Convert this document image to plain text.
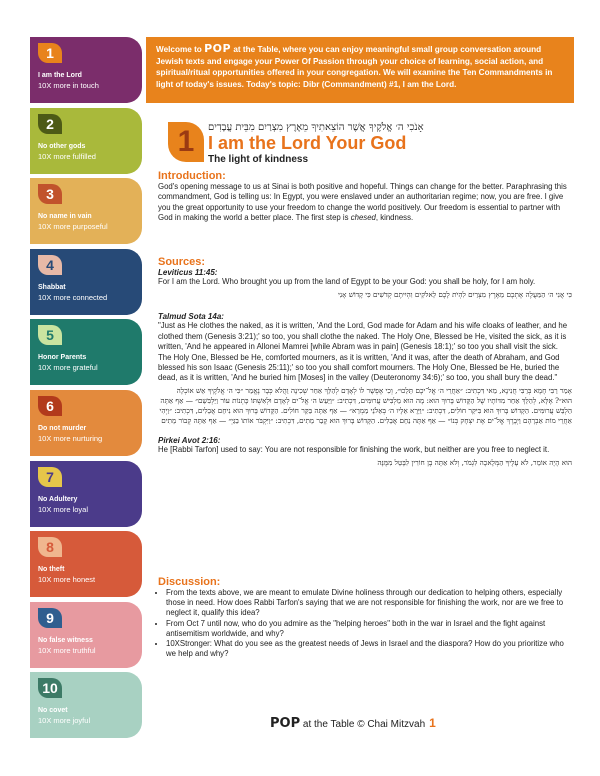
1
I am the Lord
10X more in touch
2
No other gods
10X more fulfilled
3
No name in vain
10X more purposeful
4
Shabbat
10X more connected
5
Honor Parents
10X more grateful
6
Do not murder
10X more nurturing
7
No Adultery
10X more loyal
8
No theft
10X more honest
9
No false witness
10X more truthful
10
No covet
10X more joyful
Welcome to POP at the Table, where you can enjoy meaningful small group conversation around Jewish texts and engage your Power Of Passion through your choice of learning, social action, and spiritual/ritual opportunities offered in your congregation. We will examine the Ten Commandments in light of today's issues. Today's topic: Dibr (Commandment) #1, I am the Lord.
1	אָנֹכִי ה׳ אֱלֹקֶיךָ אֲשֶׁר הוֹצֵאתִיךָ מֵאֶרֶץ מִצְרַיִם מִבֵּית עֲבָדִים
I am the Lord Your God
The light of kindness

Introduction:

God's opening message to us at Sinai is both positive and hopeful. Things can change for the better. Paraphrasing this commandment, God is telling us: In Egypt, you were enslaved under an authoritarian regime; now, you are free. I give you the great opportunity to use your freedom to change the world positively. Our freedom is essential to partner with God in making the world a better place. The first step is chesed, kindness.

Sources:

Leviticus 11:45:

For I am the Lord. Who brought you up from the land of Egypt to be your God: you shall be holy, for I am holy.

כִּי אֲנִי ה׳ הַמַּעֲלֶה אֶתְכֶם מֵאֶרֶץ מִצְרַיִם לִהְיֹת לָכֶם לֵאלֹקִים וִהְיִיתֶם קְדֹשִׁים כִּי קָדוֹשׁ אָנִי

Talmud Sota 14a:

"Just as He clothes the naked, as it is written, 'And the Lord, God made for Adam and his wife cloaks of leather, and he clothed them (Genesis 3:21);' so too, you shall clothe the naked. The Holy One, Blessed be He, visited the sick, as it is written, 'And he appeared in Allonei Mamrei [while Abram was in pain] (Genesis 18:1);' so too you shall visit the sick. The Holy One, Blessed be He, comforted mourners, as it is written, 'And it was, after the death of Abraham, and God blessed his son Isaac (Genesis 25:11);' so too you shall comfort mourners. The Holy One, Blessed be He, buried the dead, as it is written, 'And he buried him [Moses] in the valley (Deuteronomy 34:6);' so too, you shall bury the dead."

אָמַר רַבִּי חָמָא בְּרַבִּי חֲנִינָא, מַאי דִּכְתִיב: ״אַחֲרֵי ה׳ אֱלֹ־יכֶם תֵּלֵכוּ״, וְכִי אֶפְשָׁר לוֹ לְאָדָם לְהַלֵּךְ אַחַר שְׁכִינָה וַהֲלֹא כְּבָר נֶאֱמַר ״כִּי ה׳ אֱלֹקֶיךָ אֵשׁ אוֹכְלָה הוּא״? אֶלָּא, לְהַלֵּךְ אַחַר מִדּוֹתָיו שֶׁל הַקָּדוֹשׁ בָּרוּךְ הוּא: מָה הוּא מַלְבִּישׁ עֲרוּמִּים, דִּכְתִיב: ״וַיַּעַשׂ ה׳ אֱלֹ־ים לְאָדָם וּלְאִשְׁתּוֹ כָּתְנוֹת עוֹר וַיַּלְבִּשֵׁם״ — אַף אַתָּה הַלְבֵּשׁ עֲרוּמִּים. הַקָּדוֹשׁ בָּרוּךְ הוּא בִּיקֵּר חוֹלִים, דִּכְתִיב: ״וַיֵּרָא אֵלָיו ה׳ בְּאֵלֹנֵי מַמְרֵא״ — אַף אַתָּה בַּקֵּר חוֹלִים. הַקָּדוֹשׁ בָּרוּךְ הוּא נִיחֵם אֲבֵלִים, דִּכְתִיב: ״וַיְהִי אַחֲרֵי מוֹת אַבְרָהָם וַיְבָרֶךְ אֱלֹ־ים אֶת יִצְחָק בְּנוֹ״ — אַף אַתָּה נַחֵם אֲבֵלִים. הַקָּדוֹשׁ בָּרוּךְ הוּא קָבַר מֵתִים, דִּכְתִיב: ״וַיִּקְבֹּר אוֹתוֹ בַגַּיְ״ — אַף אַתָּה קְבוֹר מֵתִים

Pirkei Avot 2:16:

He [Rabbi Tarfon] used to say: You are not responsible for finishing the work, but neither are you free to neglect it.

הוּא הָיָה אוֹמֵר, לֹא עָלֶיךָ הַמְּלָאכָה לִגְמֹר, וְלֹא אַתָּה בֶן חוֹרִין לִבָּטֵל מִמֶּנָּה

Discussion:

• From the texts above, we are meant to emulate Divine holiness through our dedication to helping others, especially those in need. How does Rabbi Tarfon's saying that we are not responsible for finishing the work, nor are we free to neglect it, qualify this idea?
• From Oct 7 until now, who do you admire as the "helping heroes" both in the war in Israel and the fight against antisemitism worldwide, and why?
• 10XStronger: What do you see as the greatest needs of Jews in Israel and the diaspora? How do you prioritize who we help and why?
POP at the Table © Chai Mitzvah 1
